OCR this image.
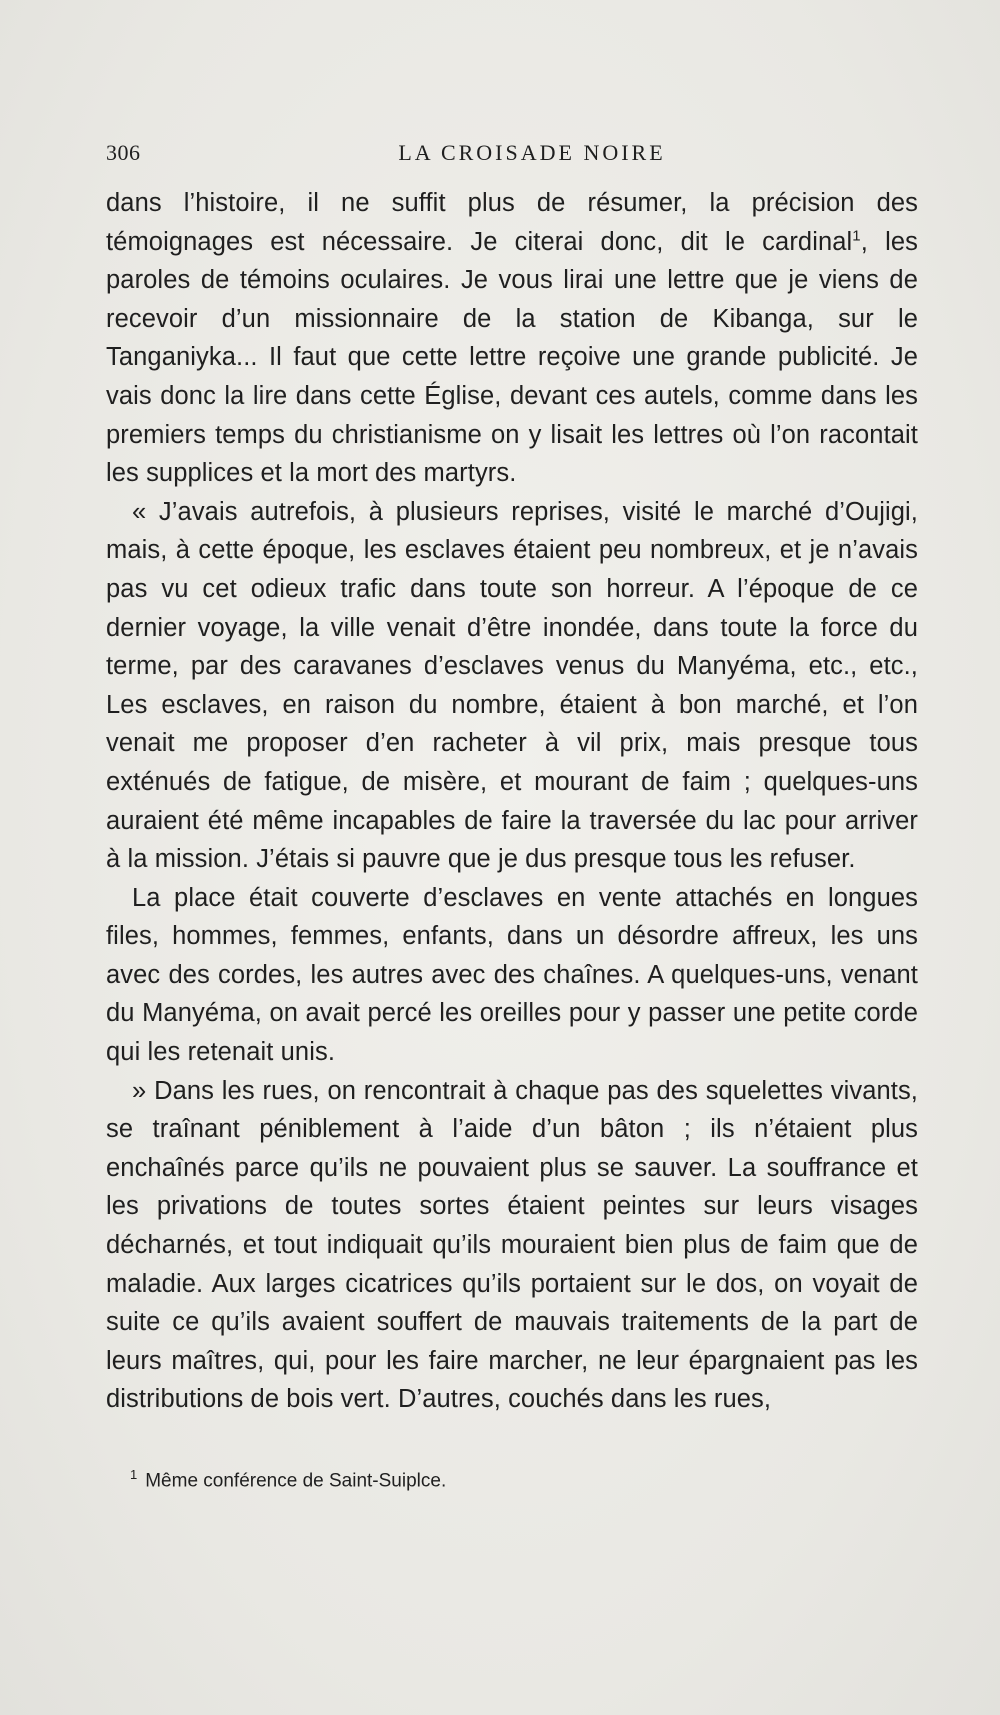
306	LA CROISADE NOIRE

dans l’histoire, il ne suffit plus de résumer, la précision des témoignages est nécessaire. Je citerai donc, dit le cardinal$^1$, les paroles de témoins oculaires. Je vous lirai une lettre que je viens de recevoir d’un missionnaire de la station de Kibanga, sur le Tanganiyka... Il faut que cette lettre reçoive une grande publicité. Je vais donc la lire dans cette Église, devant ces autels, comme dans les premiers temps du christianisme on y lisait les lettres où l’on racontait les supplices et la mort des martyrs.

« J’avais autrefois, à plusieurs reprises, visité le marché d’Oujigi, mais, à cette époque, les esclaves étaient peu nombreux, et je n’avais pas vu cet odieux trafic dans toute son horreur. A l’époque de ce dernier voyage, la ville venait d’être inondée, dans toute la force du terme, par des caravanes d’esclaves venus du Manyéma, etc., etc., Les esclaves, en raison du nombre, étaient à bon marché, et l’on venait me proposer d’en racheter à vil prix, mais presque tous exténués de fatigue, de misère, et mourant de faim ; quelques-uns auraient été même incapables de faire la traversée du lac pour arriver à la mission. J’étais si pauvre que je dus presque tous les refuser.

La place était couverte d’esclaves en vente attachés en longues files, hommes, femmes, enfants, dans un désordre affreux, les uns avec des cordes, les autres avec des chaînes. A quelques-uns, venant du Manyéma, on avait percé les oreilles pour y passer une petite corde qui les retenait unis.

» Dans les rues, on rencontrait à chaque pas des squelettes vivants, se traînant péniblement à l’aide d’un bâton ; ils n’étaient plus enchaînés parce qu’ils ne pouvaient plus se sauver. La souffrance et les privations de toutes sortes étaient peintes sur leurs visages décharnés, et tout indiquait qu’ils mouraient bien plus de faim que de maladie. Aux larges cicatrices qu’ils portaient sur le dos, on voyait de suite ce qu’ils avaient souffert de mauvais traitements de la part de leurs maîtres, qui, pour les faire marcher, ne leur épargnaient pas les distributions de bois vert. D’autres, couchés dans les rues,

$^1$ Même conférence de Saint-Suiplce.
